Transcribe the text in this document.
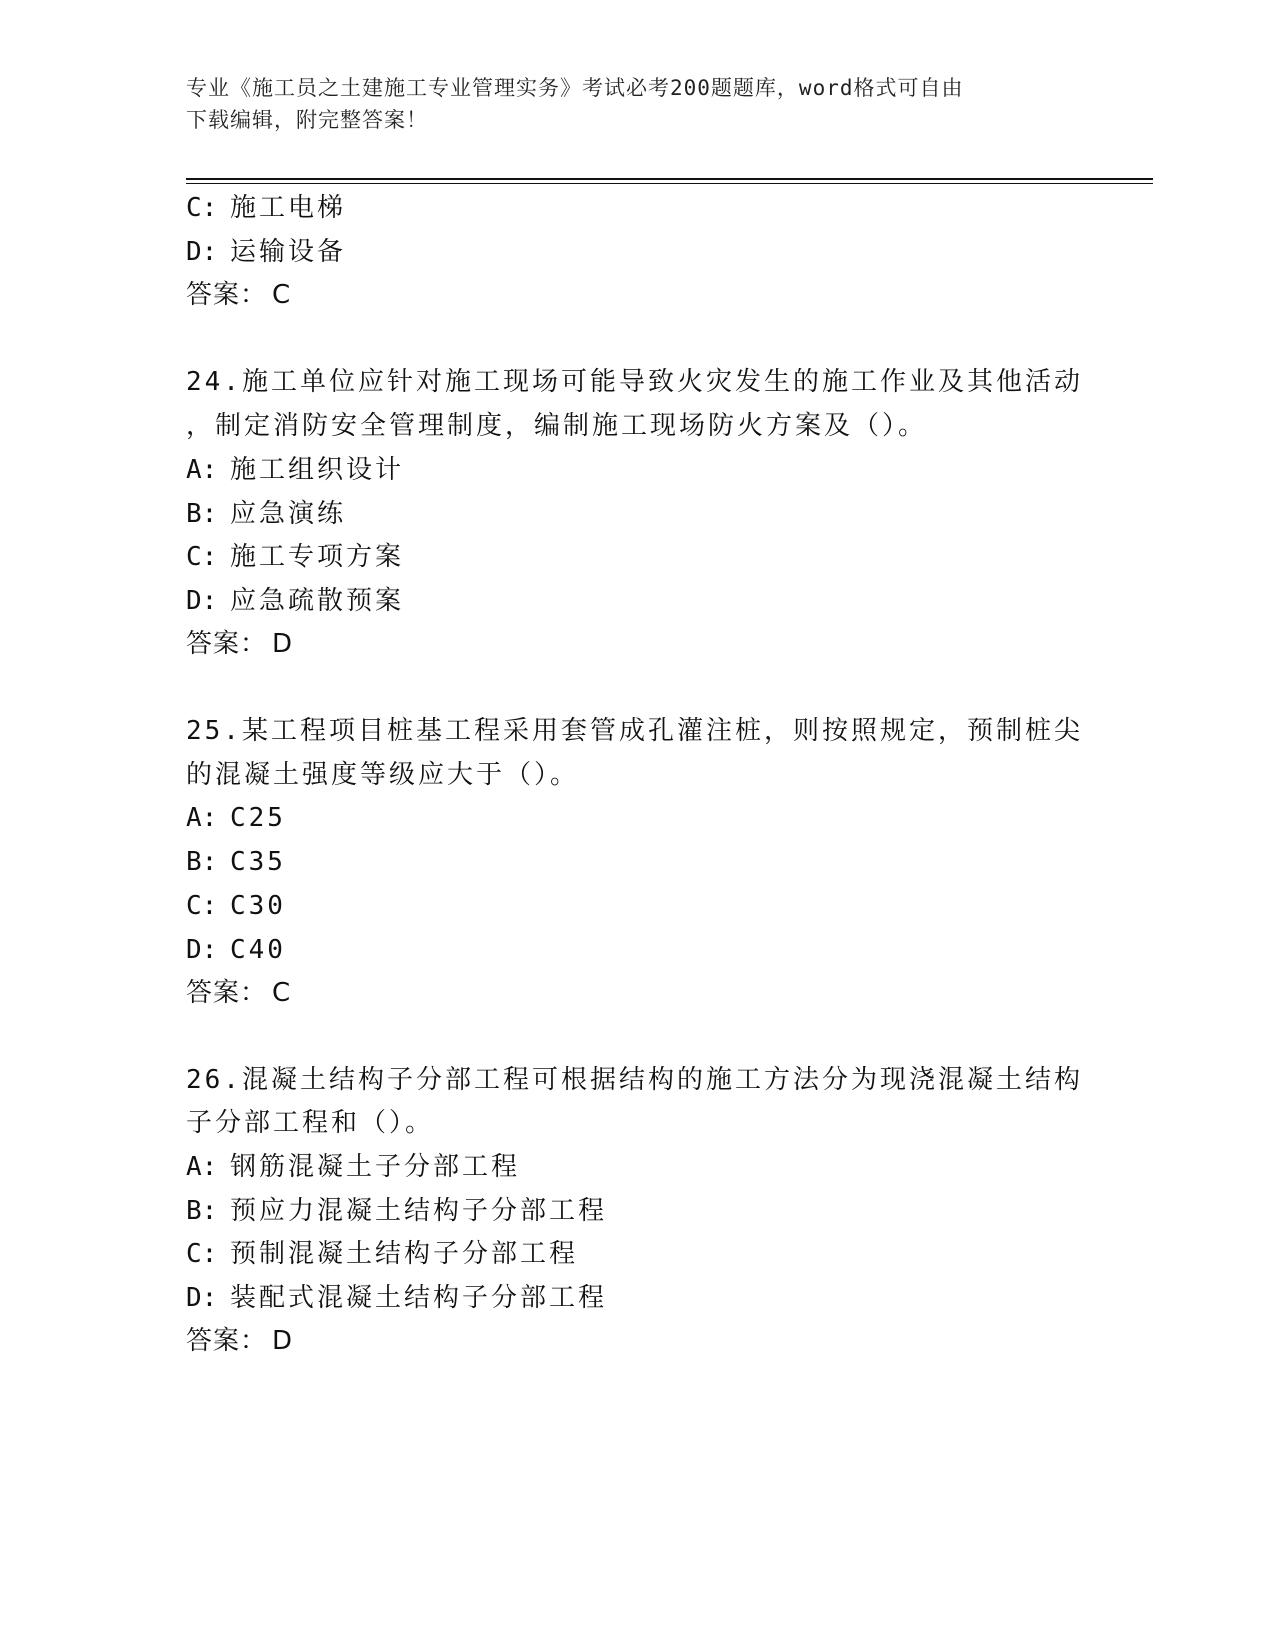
专业《施工员之土建施工专业管理实务》考试必考200题题库，word格式可自由
下载编辑，附完整答案！
C: 施工电梯
D: 运输设备
答案： C
24.施工单位应针对施工现场可能导致火灾发生的施工作业及其他活动
，制定消防安全管理制度，编制施工现场防火方案及（）。
A: 施工组织设计
B: 应急演练
C: 施工专项方案
D: 应急疏散预案
答案： D
25.某工程项目桩基工程采用套管成孔灌注桩，则按照规定，预制桩尖
的混凝土强度等级应大于（）。
A: C25
B: C35
C: C30
D: C40
答案： C
26.混凝土结构子分部工程可根据结构的施工方法分为现浇混凝土结构
子分部工程和（）。
A: 钢筋混凝土子分部工程
B: 预应力混凝土结构子分部工程
C: 预制混凝土结构子分部工程
D: 装配式混凝土结构子分部工程
答案： D
